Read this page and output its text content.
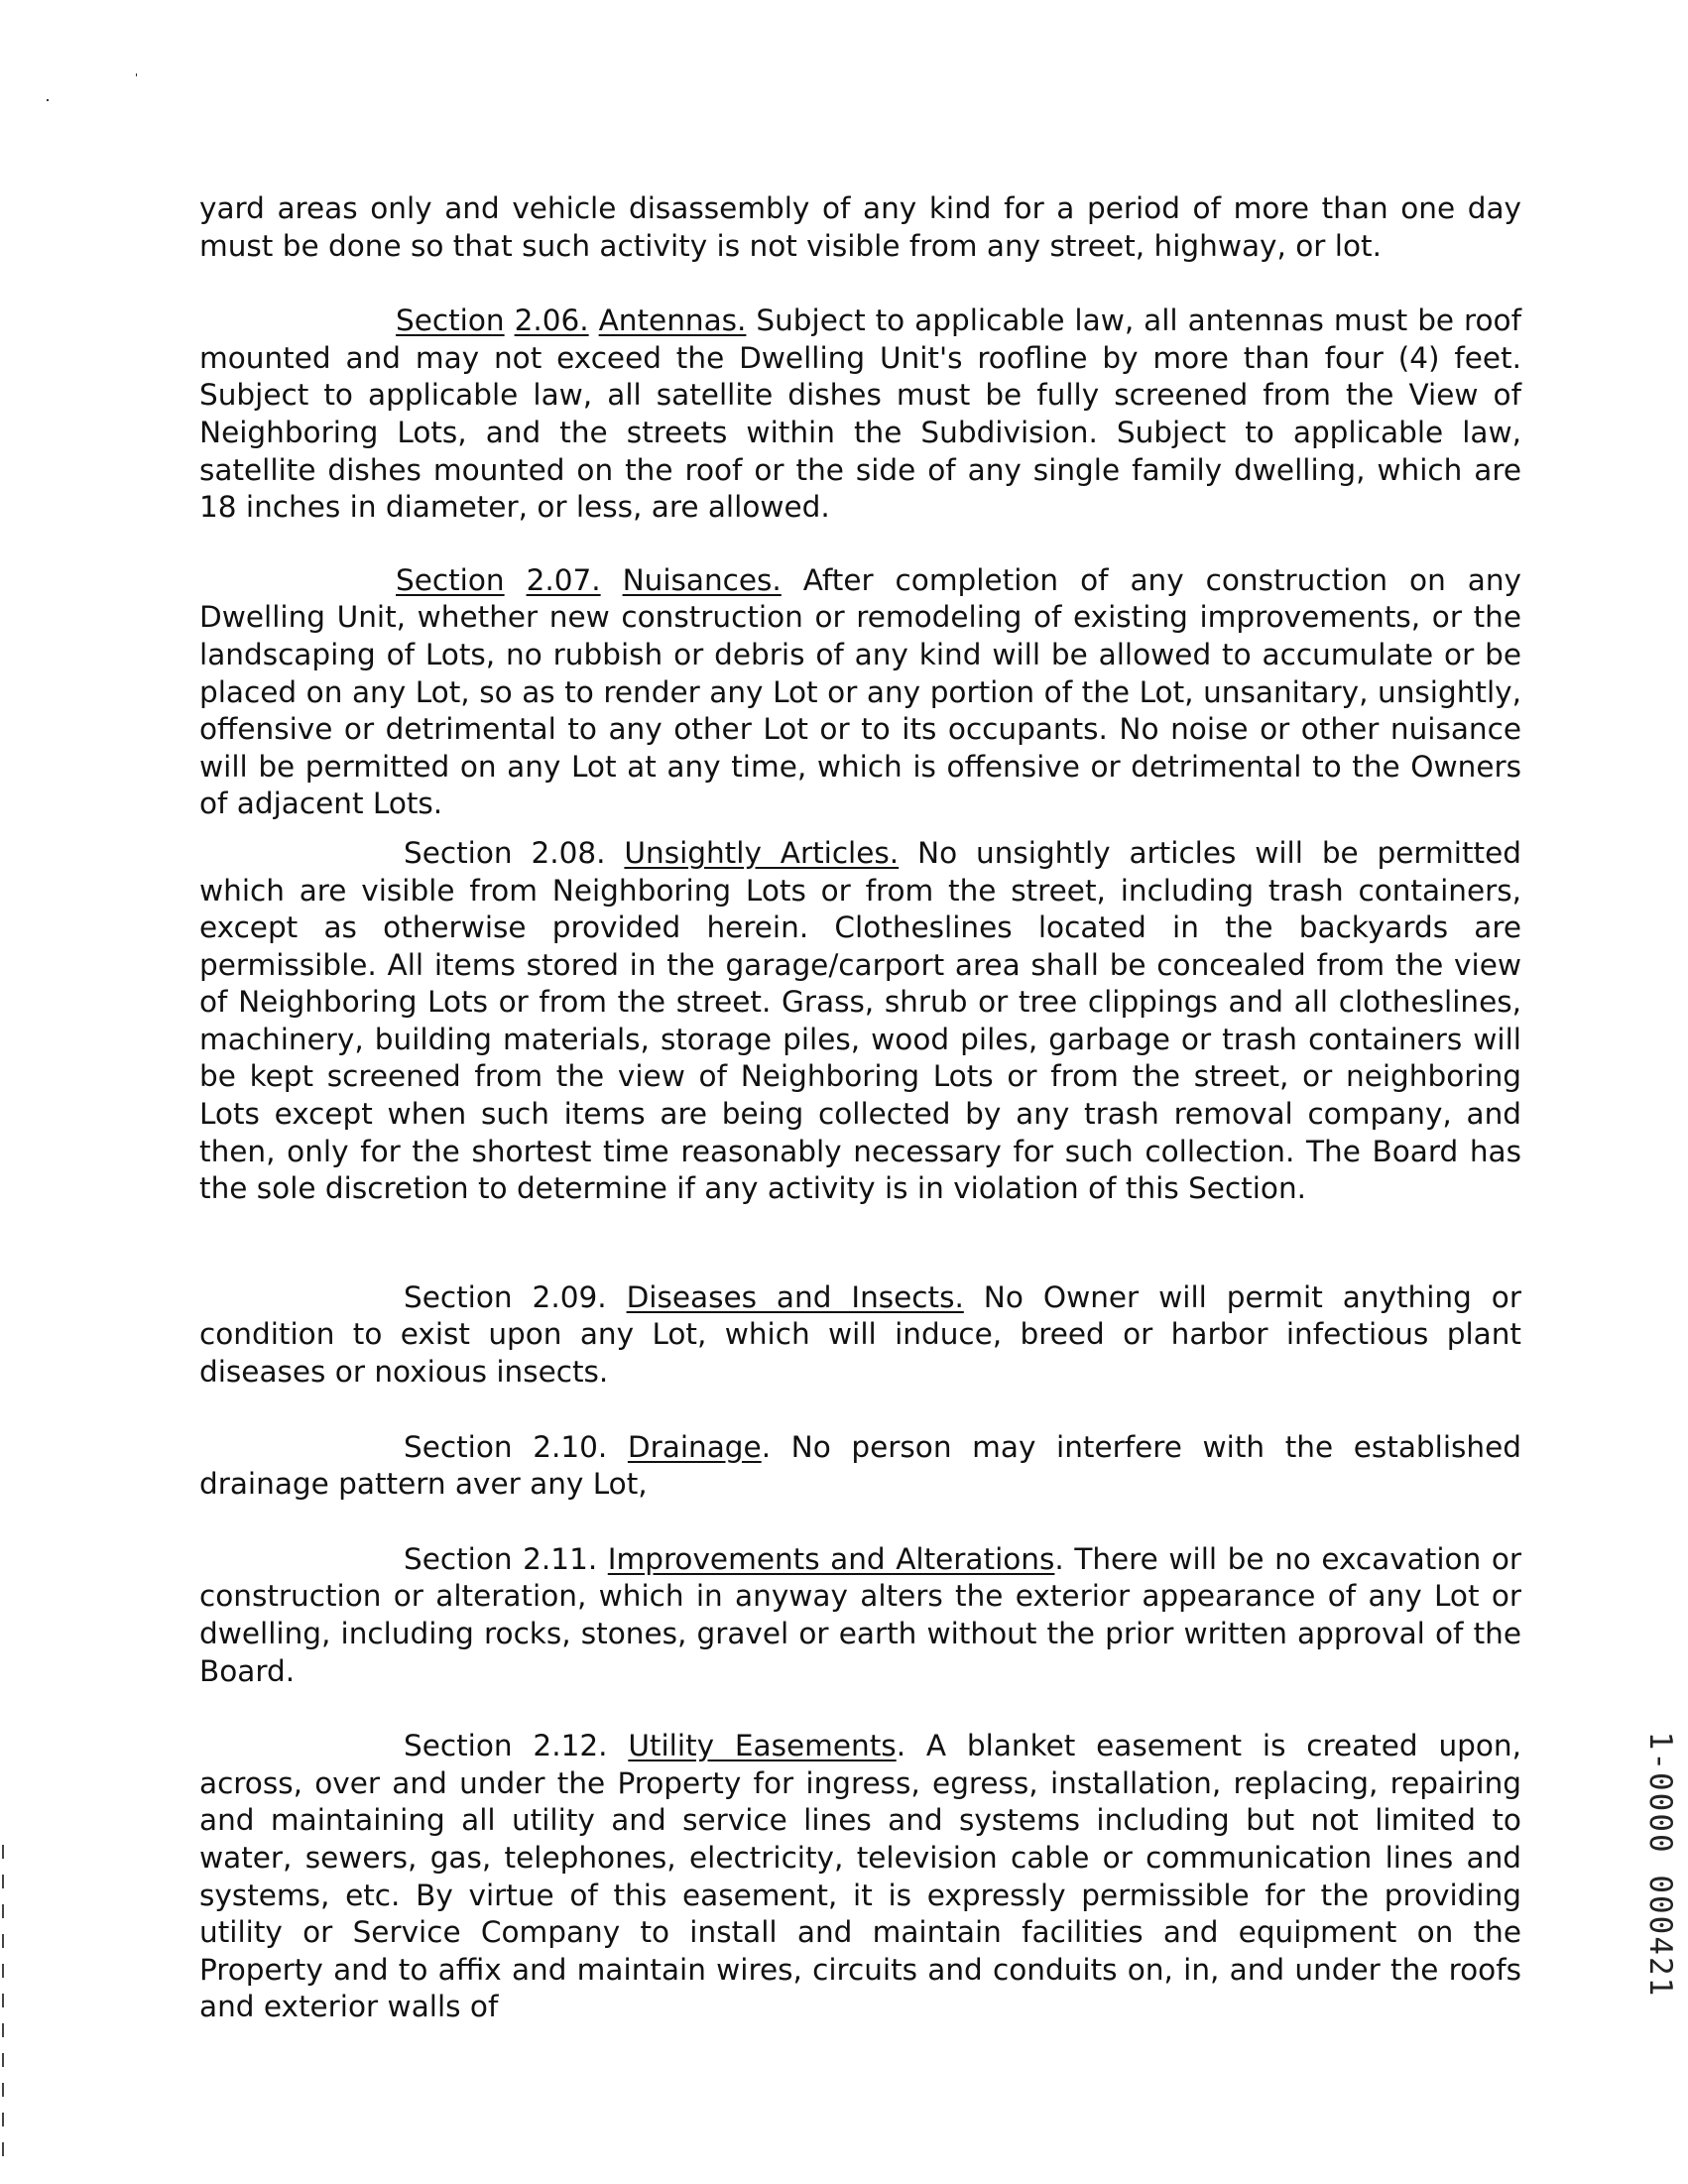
yard areas only and vehicle disassembly of any kind for a period of more than one day must be done so that such activity is not visible from any street, highway, or lot.

Section 2.06. Antennas. Subject to applicable law, all antennas must be roof mounted and may not exceed the Dwelling Unit's roofline by more than four (4) feet. Subject to applicable law, all satellite dishes must be fully screened from the View of Neighboring Lots, and the streets within the Subdivision. Subject to applicable law, satellite dishes mounted on the roof or the side of any single family dwelling, which are 18 inches in diameter, or less, are allowed.

Section 2.07. Nuisances. After completion of any construction on any Dwelling Unit, whether new construction or remodeling of existing improvements, or the landscaping of Lots, no rubbish or debris of any kind will be allowed to accumulate or be placed on any Lot, so as to render any Lot or any portion of the Lot, unsanitary, unsightly, offensive or detrimental to any other Lot or to its occupants. No noise or other nuisance will be permitted on any Lot at any time, which is offensive or detrimental to the Owners of adjacent Lots.

Section 2.08. Unsightly Articles. No unsightly articles will be permitted which are visible from Neighboring Lots or from the street, including trash containers, except as otherwise provided herein. Clotheslines located in the backyards are permissible. All items stored in the garage/carport area shall be concealed from the view of Neighboring Lots or from the street. Grass, shrub or tree clippings and all clotheslines, machinery, building materials, storage piles, wood piles, garbage or trash containers will be kept screened from the view of Neighboring Lots or from the street, or neighboring Lots except when such items are being collected by any trash removal company, and then, only for the shortest time reasonably necessary for such collection. The Board has the sole discretion to determine if any activity is in violation of this Section.

Section 2.09. Diseases and Insects. No Owner will permit anything or condition to exist upon any Lot, which will induce, breed or harbor infectious plant diseases or noxious insects.

Section 2.10. Drainage. No person may interfere with the established drainage pattern aver any Lot,

Section 2.11. Improvements and Alterations. There will be no excavation or construction or alteration, which in anyway alters the exterior appearance of any Lot or dwelling, including rocks, stones, gravel or earth without the prior written approval of the Board.

Section 2.12. Utility Easements. A blanket easement is created upon, across, over and under the Property for ingress, egress, installation, replacing, repairing and maintaining all utility and service lines and systems including but not limited to water, sewers, gas, telephones, electricity, television cable or communication lines and systems, etc. By virtue of this easement, it is expressly permissible for the providing utility or Service Company to install and maintain facilities and equipment on the Property and to affix and maintain wires, circuits and conduits on, in, and under the roofs and exterior walls of

1-0000 000421
